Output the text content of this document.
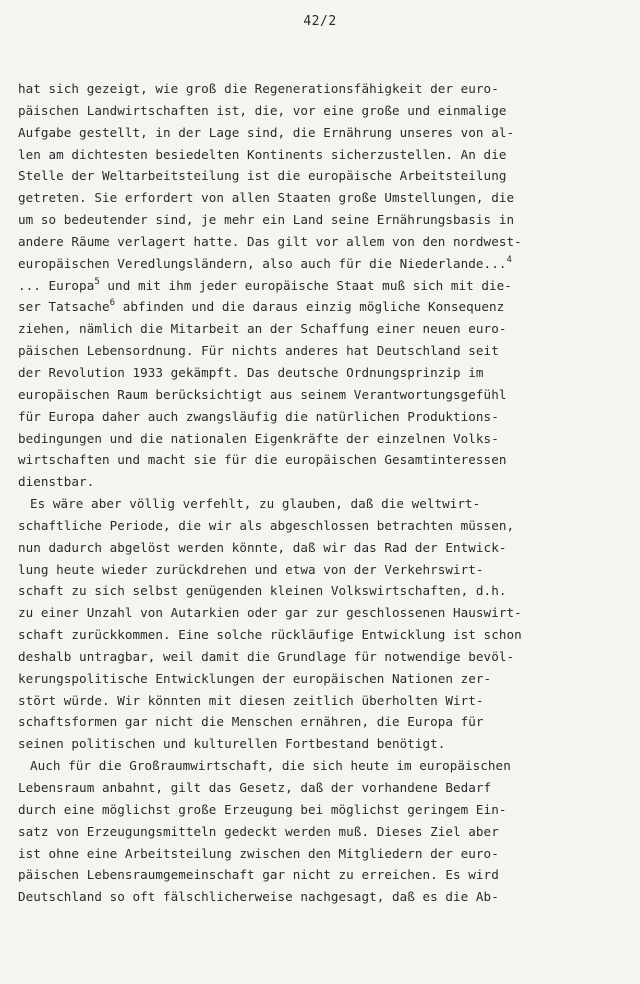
42/2
hat sich gezeigt, wie groß die Regenerationsfähigkeit der euro-
päischen Landwirtschaften ist, die, vor eine große und einmalige
Aufgabe gestellt, in der Lage sind, die Ernährung unseres von al-
len am dichtesten besiedelten Kontinents sicherzustellen. An die
Stelle der Weltarbeitsteilung ist die europäische Arbeitsteilung
getreten. Sie erfordert von allen Staaten große Umstellungen, die
um so bedeutender sind, je mehr ein Land seine Ernährungsbasis in
andere Räume verlagert hatte. Das gilt vor allem von den nordwest-
europäischen Veredlungsländern, also auch für die Niederlande...$^4$
... Europa$^5$ und mit ihm jeder europäische Staat muß sich mit die-
ser Tatsache$^6$ abfinden und die daraus einzig mögliche Konsequenz
ziehen, nämlich die Mitarbeit an der Schaffung einer neuen euro-
päischen Lebensordnung. Für nichts anderes hat Deutschland seit
der Revolution 1933 gekämpft. Das deutsche Ordnungsprinzip im
europäischen Raum berücksichtigt aus seinem Verantwortungsgefühl
für Europa daher auch zwangsläufig die natürlichen Produktions-
bedingungen und die nationalen Eigenkräfte der einzelnen Volks-
wirtschaften und macht sie für die europäischen Gesamtinteressen
dienstbar.
Es wäre aber völlig verfehlt, zu glauben, daß die weltwirt-
schaftliche Periode, die wir als abgeschlossen betrachten müssen,
nun dadurch abgelöst werden könnte, daß wir das Rad der Entwick-
lung heute wieder zurückdrehen und etwa von der Verkehrswirt-
schaft zu sich selbst genügenden kleinen Volkswirtschaften, d.h.
zu einer Unzahl von Autarkien oder gar zur geschlossenen Hauswirt-
schaft zurückkommen. Eine solche rückläufige Entwicklung ist schon
deshalb untragbar, weil damit die Grundlage für notwendige bevöl-
kerungspolitische Entwicklungen der europäischen Nationen zer-
stört würde. Wir könnten mit diesen zeitlich überholten Wirt-
schaftsformen gar nicht die Menschen ernähren, die Europa für
seinen politischen und kulturellen Fortbestand benötigt.
Auch für die Großraumwirtschaft, die sich heute im europäischen
Lebensraum anbahnt, gilt das Gesetz, daß der vorhandene Bedarf
durch eine möglichst große Erzeugung bei möglichst geringem Ein-
satz von Erzeugungsmitteln gedeckt werden muß. Dieses Ziel aber
ist ohne eine Arbeitsteilung zwischen den Mitgliedern der euro-
päischen Lebensraumgemeinschaft gar nicht zu erreichen. Es wird
Deutschland so oft fälschlicherweise nachgesagt, daß es die Ab-
